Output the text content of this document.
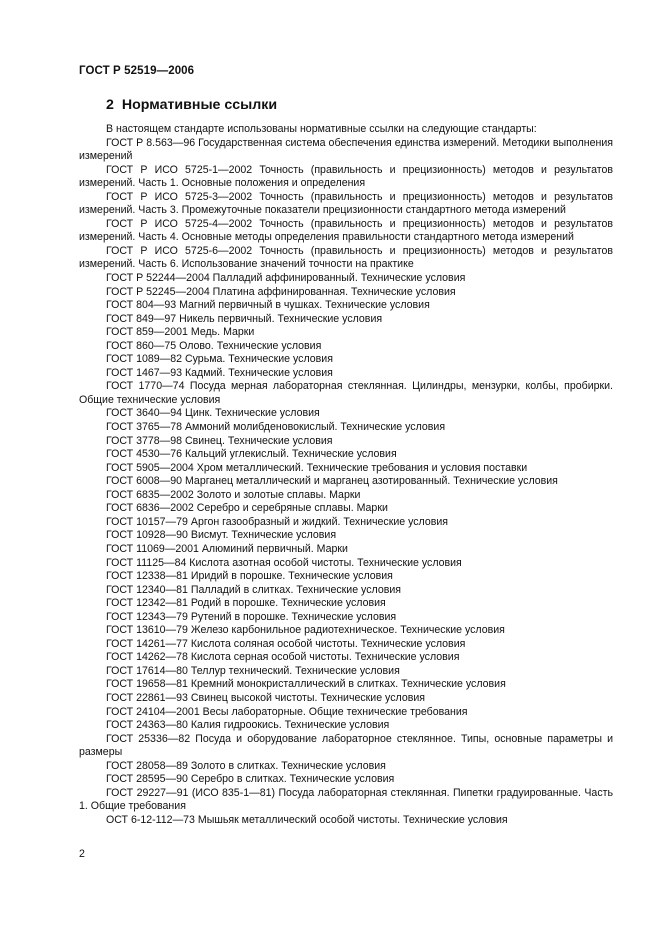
ГОСТ Р 52519—2006
2 Нормативные ссылки

В настоящем стандарте использованы нормативные ссылки на следующие стандарты:

ГОСТ Р 8.563—96 Государственная система обеспечения единства измерений. Методики выполнения измерений

ГОСТ Р ИСО 5725-1—2002 Точность (правильность и прецизионность) методов и результатов измерений. Часть 1. Основные положения и определения

ГОСТ Р ИСО 5725-3—2002 Точность (правильность и прецизионность) методов и результатов измерений. Часть 3. Промежуточные показатели прецизионности стандартного метода измерений

ГОСТ Р ИСО 5725-4—2002 Точность (правильность и прецизионность) методов и результатов измерений. Часть 4. Основные методы определения правильности стандартного метода измерений

ГОСТ Р ИСО 5725-6—2002 Точность (правильность и прецизионность) методов и результатов измерений. Часть 6. Использование значений точности на практике

ГОСТ Р 52244—2004 Палладий аффинированный. Технические условия

ГОСТ Р 52245—2004 Платина аффинированная. Технические условия

ГОСТ 804—93 Магний первичный в чушках. Технические условия

ГОСТ 849—97 Никель первичный. Технические условия

ГОСТ 859—2001 Медь. Марки

ГОСТ 860—75 Олово. Технические условия

ГОСТ 1089—82 Сурьма. Технические условия

ГОСТ 1467—93 Кадмий. Технические условия

ГОСТ 1770—74 Посуда мерная лабораторная стеклянная. Цилиндры, мензурки, колбы, пробирки. Общие технические условия

ГОСТ 3640—94 Цинк. Технические условия

ГОСТ 3765—78 Аммоний молибденовокислый. Технические условия

ГОСТ 3778—98 Свинец. Технические условия

ГОСТ 4530—76 Кальций углекислый. Технические условия

ГОСТ 5905—2004 Хром металлический. Технические требования и условия поставки

ГОСТ 6008—90 Марганец металлический и марганец азотированный. Технические условия

ГОСТ 6835—2002 Золото и золотые сплавы. Марки

ГОСТ 6836—2002 Серебро и серебряные сплавы. Марки

ГОСТ 10157—79 Аргон газообразный и жидкий. Технические условия

ГОСТ 10928—90 Висмут. Технические условия

ГОСТ 11069—2001 Алюминий первичный. Марки

ГОСТ 11125—84 Кислота азотная особой чистоты. Технические условия

ГОСТ 12338—81 Иридий в порошке. Технические условия

ГОСТ 12340—81 Палладий в слитках. Технические условия

ГОСТ 12342—81 Родий в порошке. Технические условия

ГОСТ 12343—79 Рутений в порошке. Технические условия

ГОСТ 13610—79 Железо карбонильное радиотехническое. Технические условия

ГОСТ 14261—77 Кислота соляная особой чистоты. Технические условия

ГОСТ 14262—78 Кислота серная особой чистоты. Технические условия

ГОСТ 17614—80 Теллур технический. Технические условия

ГОСТ 19658—81 Кремний монокристаллический в слитках. Технические условия

ГОСТ 22861—93 Свинец высокой чистоты. Технические условия

ГОСТ 24104—2001 Весы лабораторные. Общие технические требования

ГОСТ 24363—80 Калия гидроокись. Технические условия

ГОСТ 25336—82 Посуда и оборудование лабораторное стеклянное. Типы, основные параметры и размеры

ГОСТ 28058—89 Золото в слитках. Технические условия

ГОСТ 28595—90 Серебро в слитках. Технические условия

ГОСТ 29227—91 (ИСО 835-1—81) Посуда лабораторная стеклянная. Пипетки градуированные. Часть 1. Общие требования

ОСТ 6-12-112—73 Мышьяк металлический особой чистоты. Технические условия

2
